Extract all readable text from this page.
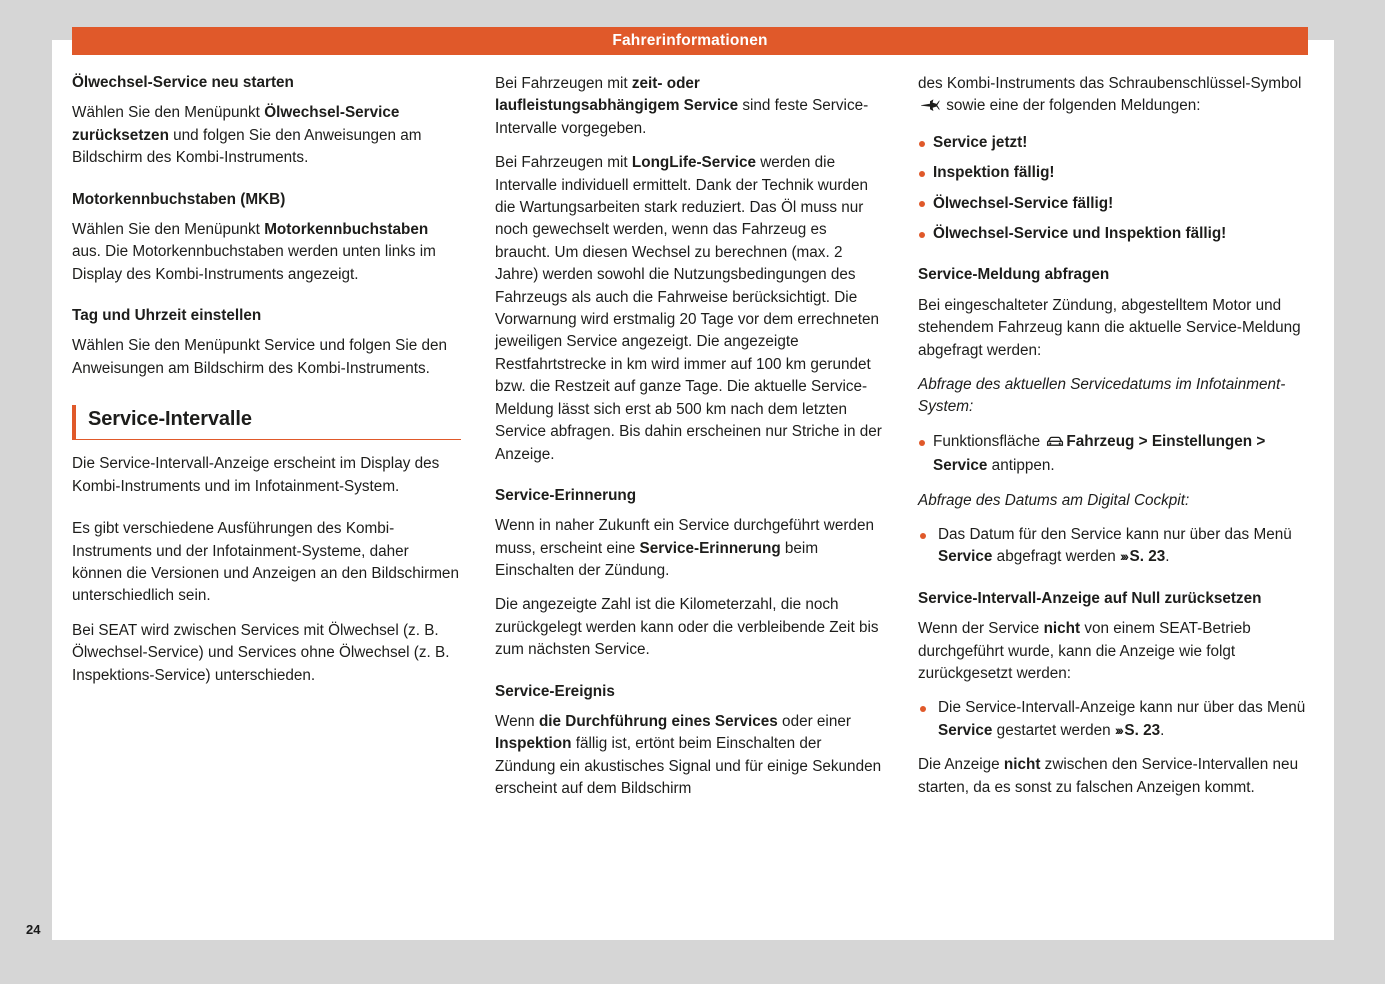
Fahrerinformationen
24
Ölwechsel-Service neu starten

Wählen Sie den Menüpunkt Ölwechsel-Service zurücksetzen und folgen Sie den Anweisungen am Bildschirm des Kombi-Instruments.

Motorkennbuchstaben (MKB)

Wählen Sie den Menüpunkt Motorkennbuchstaben aus. Die Motorkennbuchstaben werden unten links im Display des Kombi-Instruments angezeigt.

Tag und Uhrzeit einstellen

Wählen Sie den Menüpunkt Service und folgen Sie den Anweisungen am Bildschirm des Kombi-Instruments.

Service-Intervalle

Die Service-Intervall-Anzeige erscheint im Display des Kombi-Instruments und im Infotainment-System.

Es gibt verschiedene Ausführungen des Kombi-Instruments und der Infotainment-Systeme, daher können die Versionen und Anzeigen an den Bildschirmen unterschiedlich sein.

Bei SEAT wird zwischen Services mit Ölwechsel (z. B. Ölwechsel-Service) und Services ohne Ölwechsel (z. B. Inspektions-Service) unterschieden.

Bei Fahrzeugen mit zeit- oder laufleistungsabhängigem Service sind feste Service-Intervalle vorgegeben.

Bei Fahrzeugen mit LongLife-Service werden die Intervalle individuell ermittelt. Dank der Technik wurden die Wartungsarbeiten stark reduziert. Das Öl muss nur noch gewechselt werden, wenn das Fahrzeug es braucht. Um diesen Wechsel zu berechnen (max. 2 Jahre) werden sowohl die Nutzungsbedingungen des Fahrzeugs als auch die Fahrweise berücksichtigt. Die Vorwarnung wird erstmalig 20 Tage vor dem errechneten jeweiligen Service angezeigt. Die angezeigte Restfahrtstrecke in km wird immer auf 100 km gerundet bzw. die Restzeit auf ganze Tage. Die aktuelle Service-Meldung lässt sich erst ab 500 km nach dem letzten Service abfragen. Bis dahin erscheinen nur Striche in der Anzeige.

Service-Erinnerung

Wenn in naher Zukunft ein Service durchgeführt werden muss, erscheint eine Service-Erinnerung beim Einschalten der Zündung.

Die angezeigte Zahl ist die Kilometerzahl, die noch zurückgelegt werden kann oder die verbleibende Zeit bis zum nächsten Service.

Service-Ereignis

Wenn die Durchführung eines Services oder einer Inspektion fällig ist, ertönt beim Einschalten der Zündung ein akustisches Signal und für einige Sekunden erscheint auf dem Bildschirm

des Kombi-Instruments das Schraubenschlüssel-Symbol  sowie eine der folgenden Meldungen:

Service jetzt!
Inspektion fällig!
Ölwechsel-Service fällig!
Ölwechsel-Service und Inspektion fällig!
Service-Meldung abfragen

Bei eingeschalteter Zündung, abgestelltem Motor und stehendem Fahrzeug kann die aktuelle Service-Meldung abgefragt werden:

Abfrage des aktuellen Servicedatums im Infotainment-System:

Funktionsfläche Fahrzeug > Einstellungen > Service antippen.

Abfrage des Datums am Digital Cockpit:

Das Datum für den Service kann nur über das Menü Service abgefragt werden ››› S. 23.
Service-Intervall-Anzeige auf Null zurücksetzen

Wenn der Service nicht von einem SEAT-Betrieb durchgeführt wurde, kann die Anzeige wie folgt zurückgesetzt werden:

Die Service-Intervall-Anzeige kann nur über das Menü Service gestartet werden ››› S. 23.

Die Anzeige nicht zwischen den Service-Intervallen neu starten, da es sonst zu falschen Anzeigen kommt.
